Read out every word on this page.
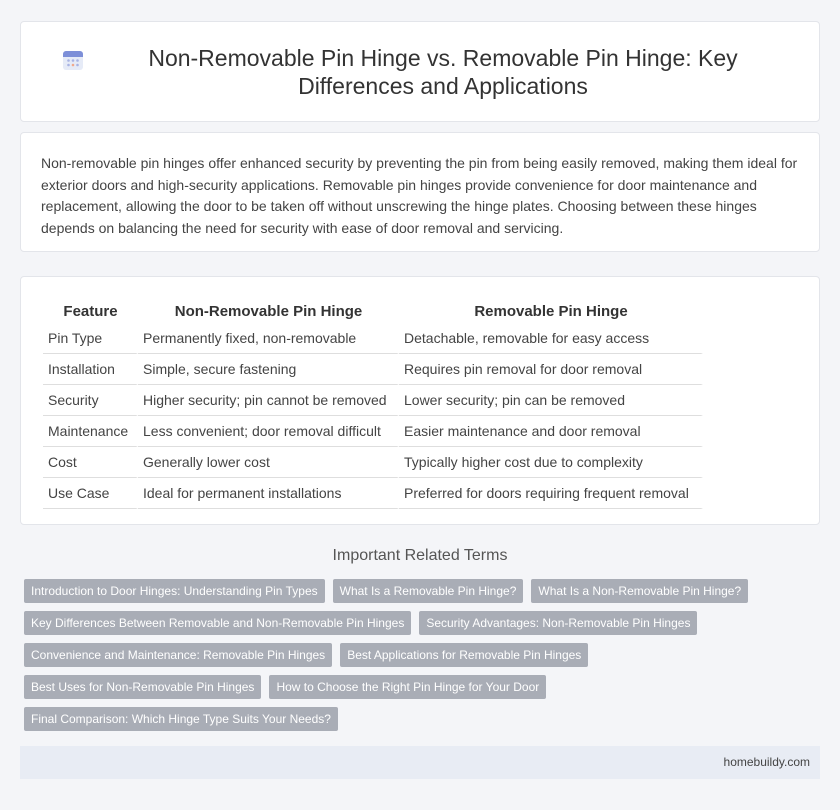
Non-Removable Pin Hinge vs. Removable Pin Hinge: Key Differences and Applications

Non-removable pin hinges offer enhanced security by preventing the pin from being easily removed, making them ideal for exterior doors and high-security applications. Removable pin hinges provide convenience for door maintenance and replacement, allowing the door to be taken off without unscrewing the hinge plates. Choosing between these hinges depends on balancing the need for security with ease of door removal and servicing.

Feature	Non-Removable Pin Hinge	Removable Pin Hinge
Pin Type	Permanently fixed, non-removable	Detachable, removable for easy access
Installation	Simple, secure fastening	Requires pin removal for door removal
Security	Higher security; pin cannot be removed	Lower security; pin can be removed
Maintenance	Less convenient; door removal difficult	Easier maintenance and door removal
Cost	Generally lower cost	Typically higher cost due to complexity
Use Case	Ideal for permanent installations	Preferred for doors requiring frequent removal
Important Related Terms
Introduction to Door Hinges: Understanding Pin Types	What Is a Removable Pin Hinge?	What Is a Non-Removable Pin Hinge?
Key Differences Between Removable and Non-Removable Pin Hinges	Security Advantages: Non-Removable Pin Hinges
Convenience and Maintenance: Removable Pin Hinges	Best Applications for Removable Pin Hinges
Best Uses for Non-Removable Pin Hinges	How to Choose the Right Pin Hinge for Your Door
Final Comparison: Which Hinge Type Suits Your Needs?
homebuildy.com
